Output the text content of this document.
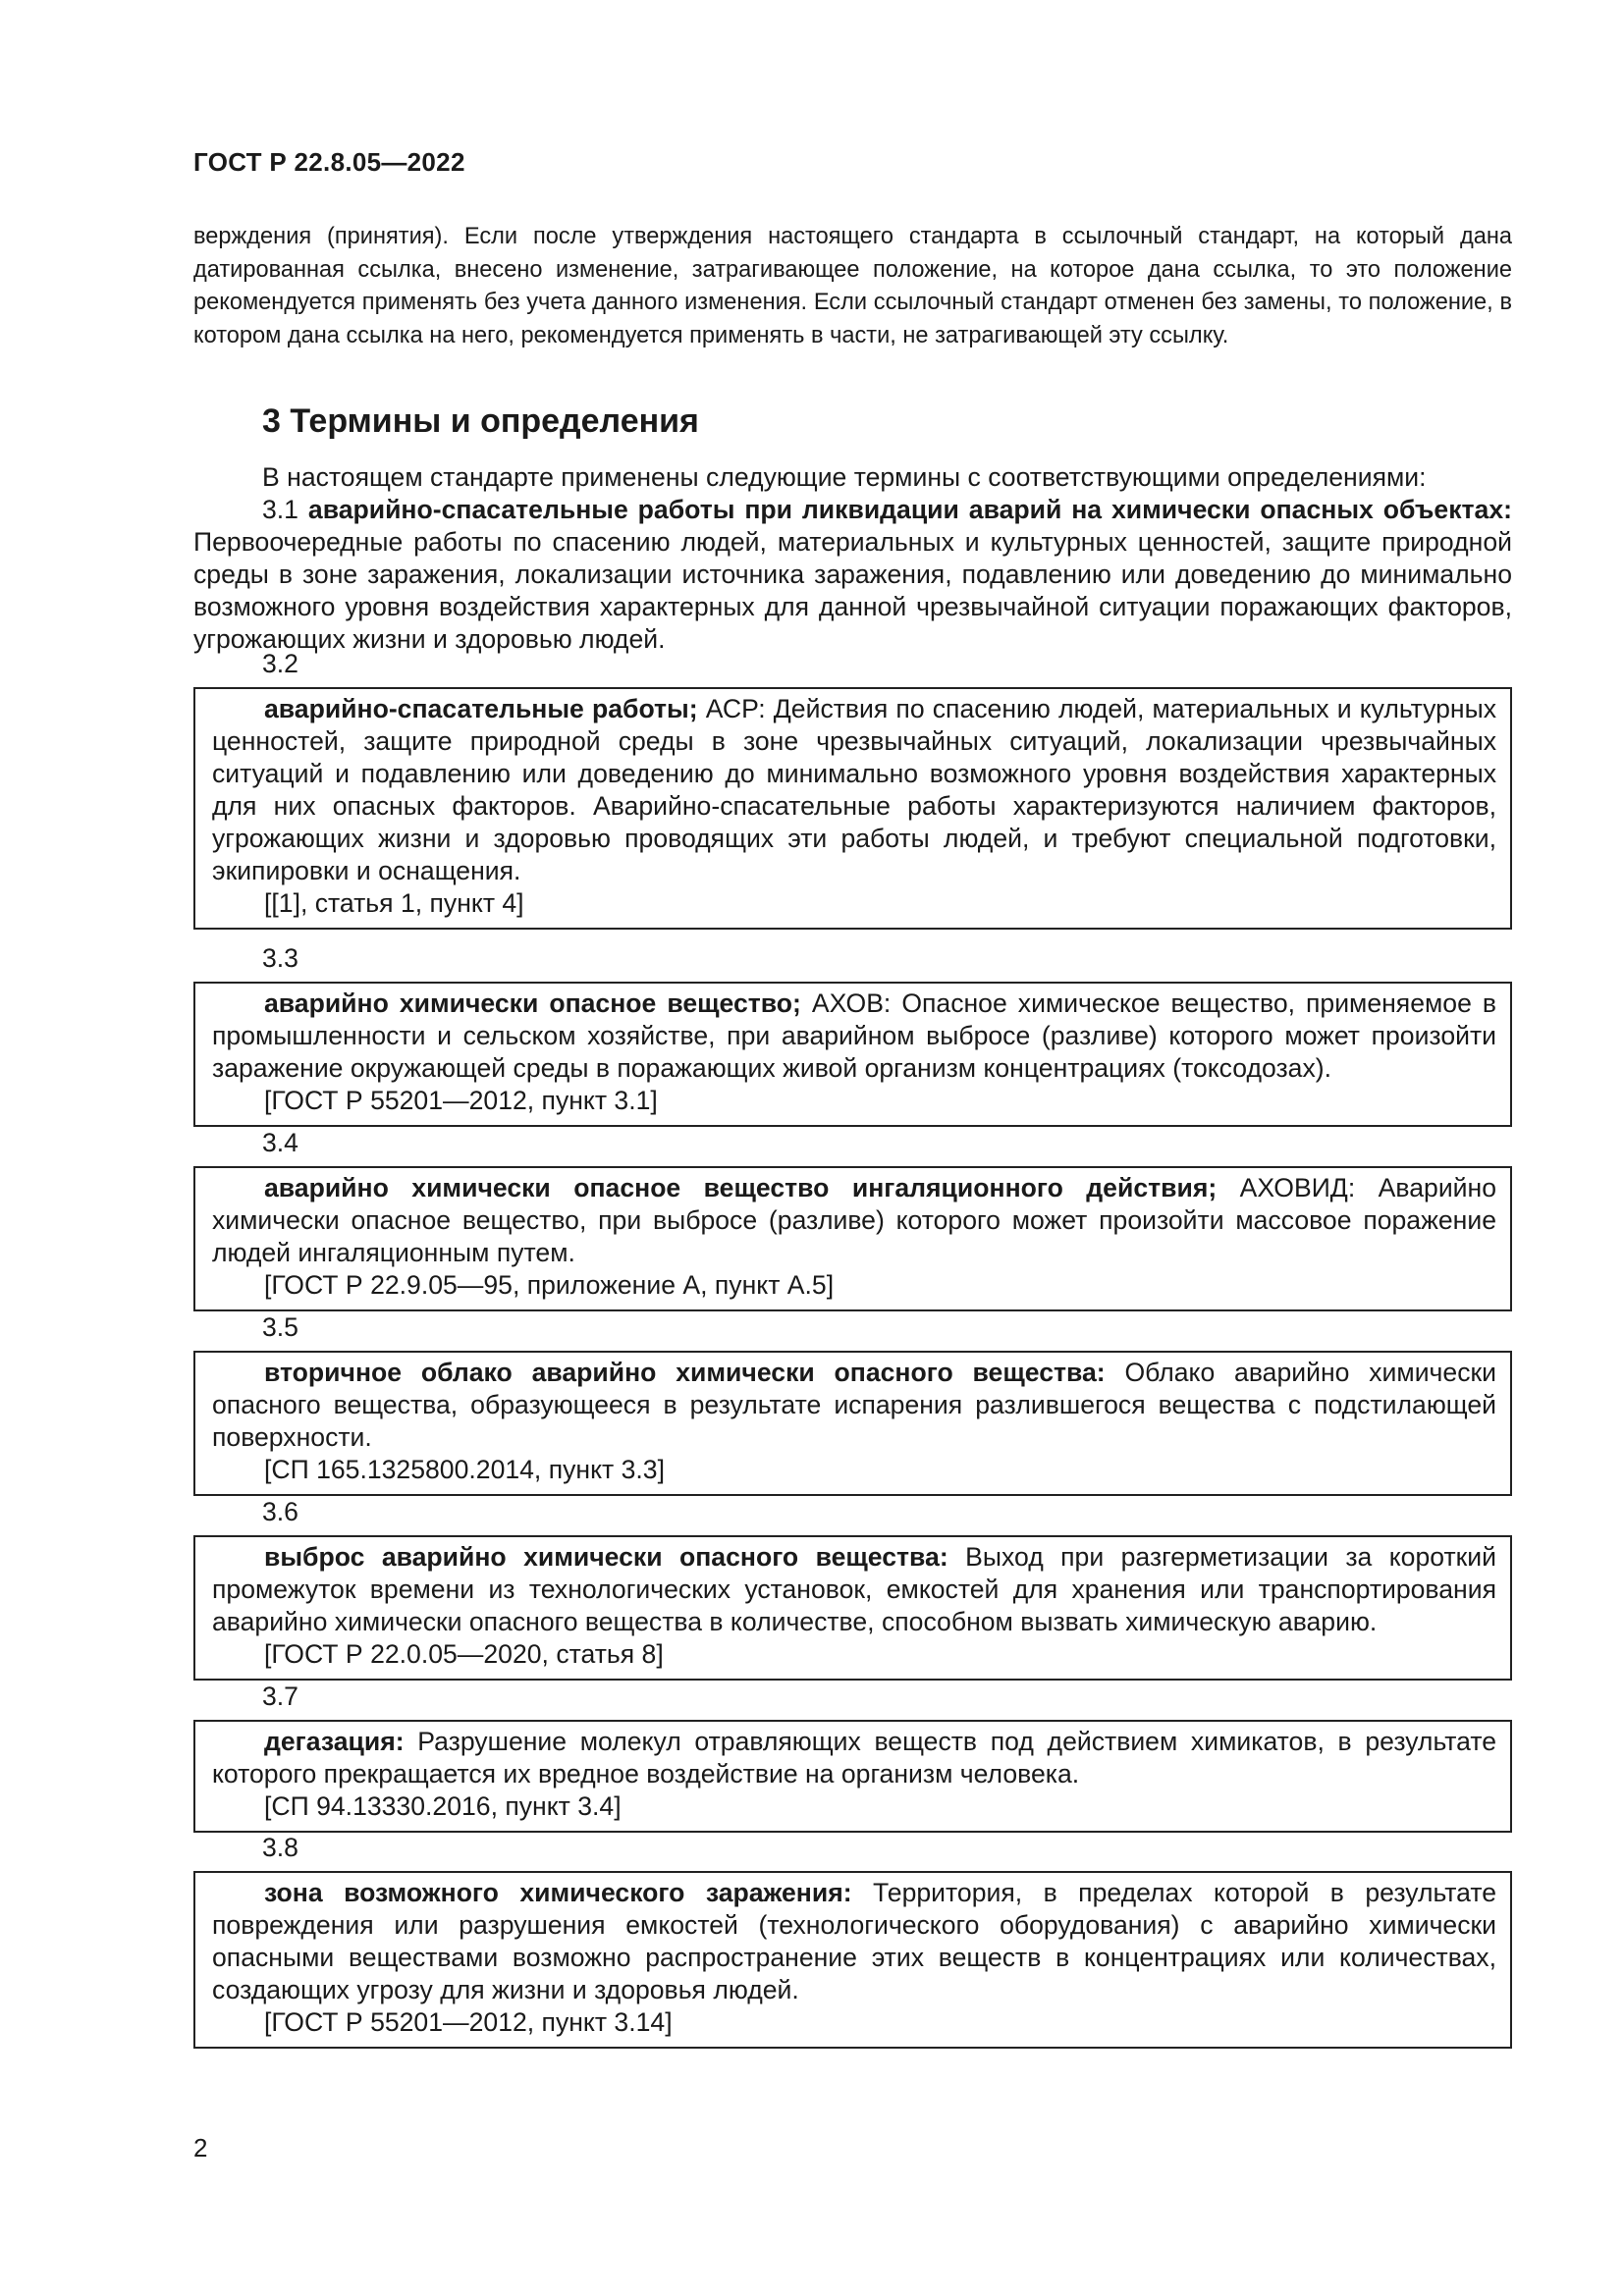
ГОСТ Р 22.8.05—2022

верждения (принятия). Если после утверждения настоящего стандарта в ссылочный стандарт, на который дана датированная ссылка, внесено изменение, затрагивающее положение, на которое дана ссылка, то это положение рекомендуется применять без учета данного изменения. Если ссылочный стандарт отменен без замены, то положение, в котором дана ссылка на него, рекомендуется применять в части, не затрагивающей эту ссылку.

3 Термины и определения

В настоящем стандарте применены следующие термины с соответствующими определениями:

3.1 аварийно-спасательные работы при ликвидации аварий на химически опасных объектах: Первоочередные работы по спасению людей, материальных и культурных ценностей, защите природной среды в зоне заражения, локализации источника заражения, подавлению или доведению до минимально возможного уровня воздействия характерных для данной чрезвычайной ситуации поражающих факторов, угрожающих жизни и здоровью людей.

3.2

аварийно-спасательные работы; АСР: Действия по спасению людей, материальных и культурных ценностей, защите природной среды в зоне чрезвычайных ситуаций, локализации чрезвычайных ситуаций и подавлению или доведению до минимально возможного уровня воздействия характерных для них опасных факторов. Аварийно-спасательные работы характеризуются наличием факторов, угрожающих жизни и здоровью проводящих эти работы людей, и требуют специальной подготовки, экипировки и оснащения.

[[1], статья 1, пункт 4]

3.3

аварийно химически опасное вещество; АХОВ: Опасное химическое вещество, применяемое в промышленности и сельском хозяйстве, при аварийном выбросе (разливе) которого может произойти заражение окружающей среды в поражающих живой организм концентрациях (токсодозах).

[ГОСТ Р 55201—2012, пункт 3.1]

3.4

аварийно химически опасное вещество ингаляционного действия; АХОВИД: Аварийно химически опасное вещество, при выбросе (разливе) которого может произойти массовое поражение людей ингаляционным путем.

[ГОСТ Р 22.9.05—95, приложение А, пункт А.5]

3.5

вторичное облако аварийно химически опасного вещества: Облако аварийно химически опасного вещества, образующееся в результате испарения разлившегося вещества с подстилающей поверхности.

[СП 165.1325800.2014, пункт 3.3]

3.6

выброс аварийно химически опасного вещества: Выход при разгерметизации за короткий промежуток времени из технологических установок, емкостей для хранения или транспортирования аварийно химически опасного вещества в количестве, способном вызвать химическую аварию.

[ГОСТ Р 22.0.05—2020, статья 8]

3.7

дегазация: Разрушение молекул отравляющих веществ под действием химикатов, в результате которого прекращается их вредное воздействие на организм человека.

[СП 94.13330.2016, пункт 3.4]

3.8

зона возможного химического заражения: Территория, в пределах которой в результате повреждения или разрушения емкостей (технологического оборудования) с аварийно химически опасными веществами возможно распространение этих веществ в концентрациях или количествах, создающих угрозу для жизни и здоровья людей.

[ГОСТ Р 55201—2012, пункт 3.14]

2
